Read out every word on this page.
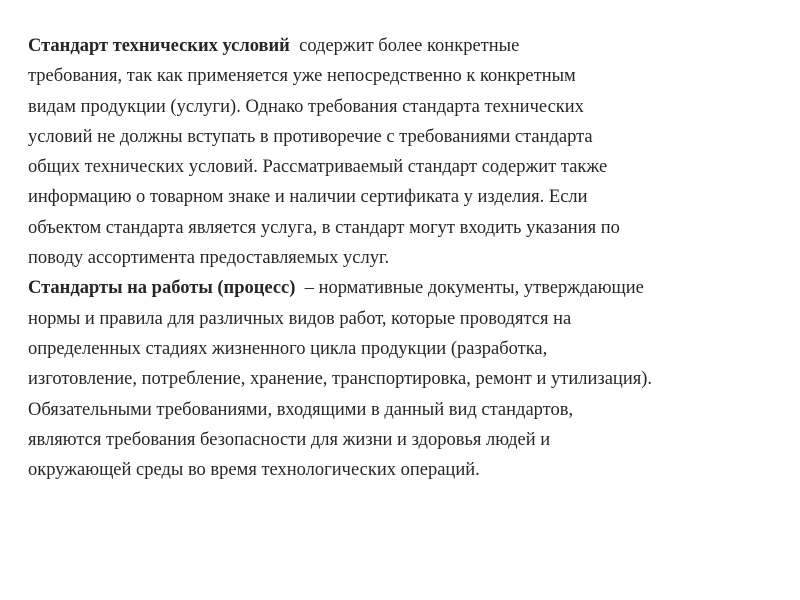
Стандарт технических условий  содержит более конкретные
требования, так как применяется уже непосредственно к конкретным
видам продукции (услуги). Однако требования стандарта технических
условий не должны вступать в противоречие с требованиями стандарта
общих технических условий. Рассматриваемый стандарт содержит также
информацию о товарном знаке и наличии сертификата у изделия. Если
объектом стандарта является услуга, в стандарт могут входить указания по
поводу ассортимента предоставляемых услуг.
Стандарты на работы (процесс)  – нормативные документы, утверждающие
нормы и правила для различных видов работ, которые проводятся на
определенных стадиях жизненного цикла продукции (разработка,
изготовление, потребление, хранение, транспортировка, ремонт и утилизация).
Обязательными требованиями, входящими в данный вид стандартов,
являются требования безопасности для жизни и здоровья людей и
окружающей среды во время технологических операций.
